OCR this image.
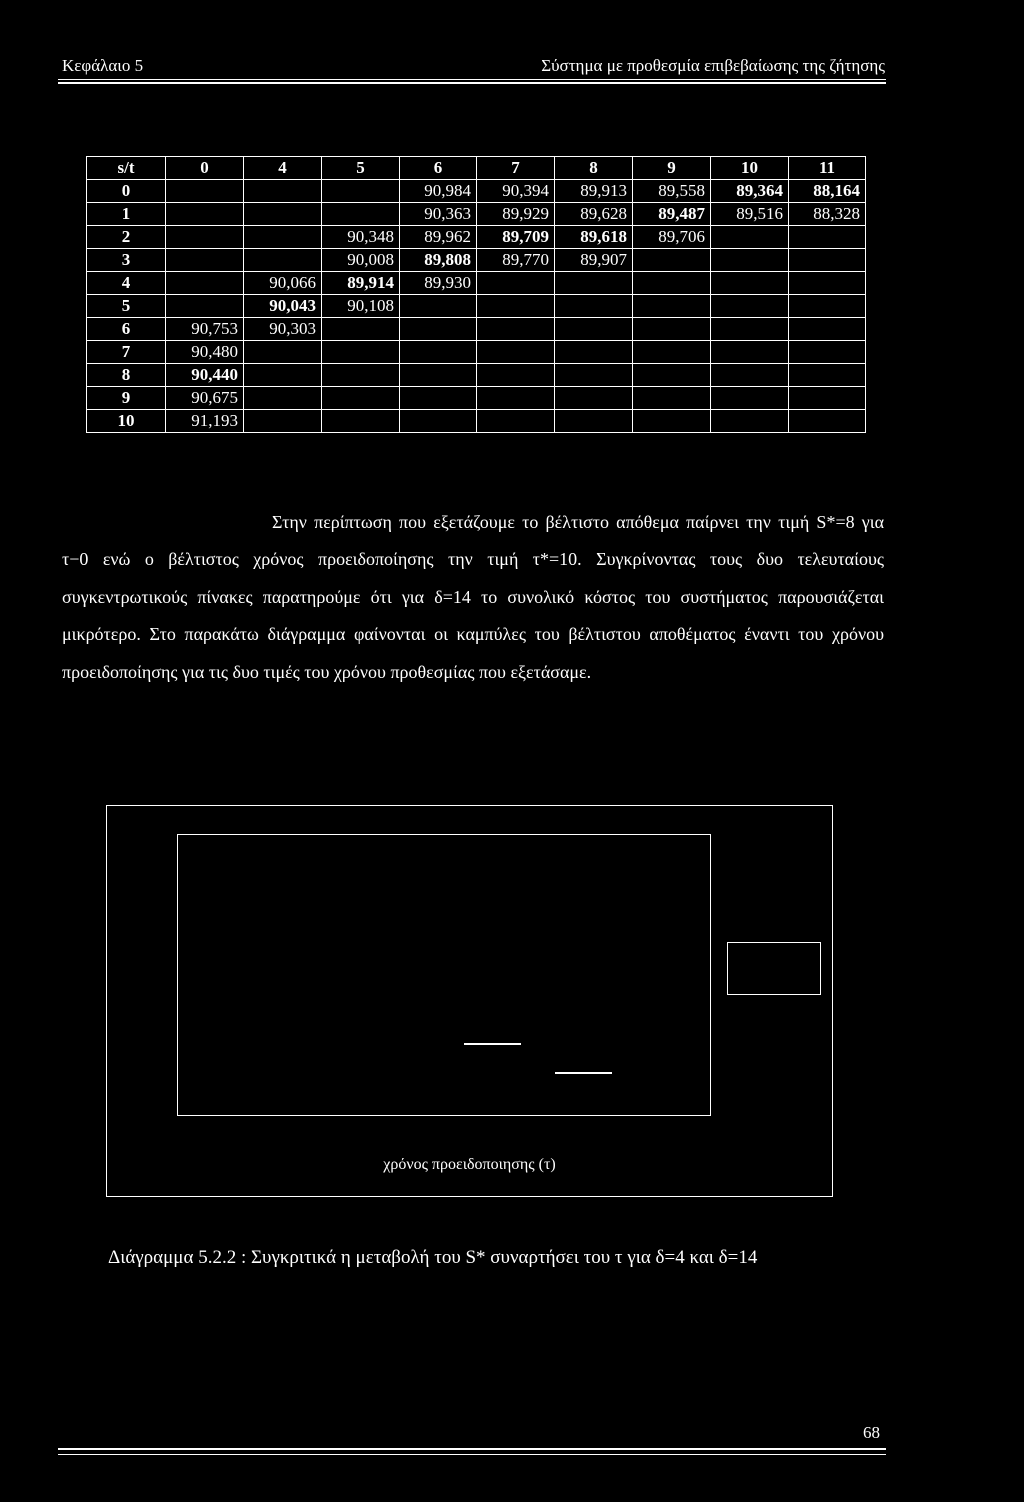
Κεφάλαιο 5	Σύστημα με προθεσμία επιβεβαίωσης της ζήτησης
s/t	0	4	5	6	7	8	9	10	11
0				90,984	90,394	89,913	89,558	89,364	88,164
1				90,363	89,929	89,628	89,487	89,516	88,328
2			90,348	89,962	89,709	89,618	89,706		
3			90,008	89,808	89,770	89,907			
4		90,066	89,914	89,930					
5		90,043	90,108						
6	90,753	90,303							
7	90,480								
8	90,440								
9	90,675								
10	91,193								

Στην περίπτωση που εξετάζουμε το βέλτιστο απόθεμα παίρνει την τιμή S*=8 για τ−0 ενώ ο βέλτιστος χρόνος προειδοποίησης την τιμή τ*=10. Συγκρίνοντας τους δυο τελευταίους συγκεντρωτικούς πίνακες παρατηρούμε ότι για δ=14 το συνολικό κόστος του συστήματος παρουσιάζεται μικρότερο. Στο παρακάτω διάγραμμα φαίνονται οι καμπύλες του βέλτιστου αποθέματος έναντι του χρόνου προειδοποίησης για τις δυο τιμές του χρόνου προθεσμίας που εξετάσαμε.

χρόνος προειδοποιησης (τ)
Διάγραμμα 5.2.2 : Συγκριτικά η μεταβολή του S* συναρτήσει του τ για δ=4 και δ=14
68
